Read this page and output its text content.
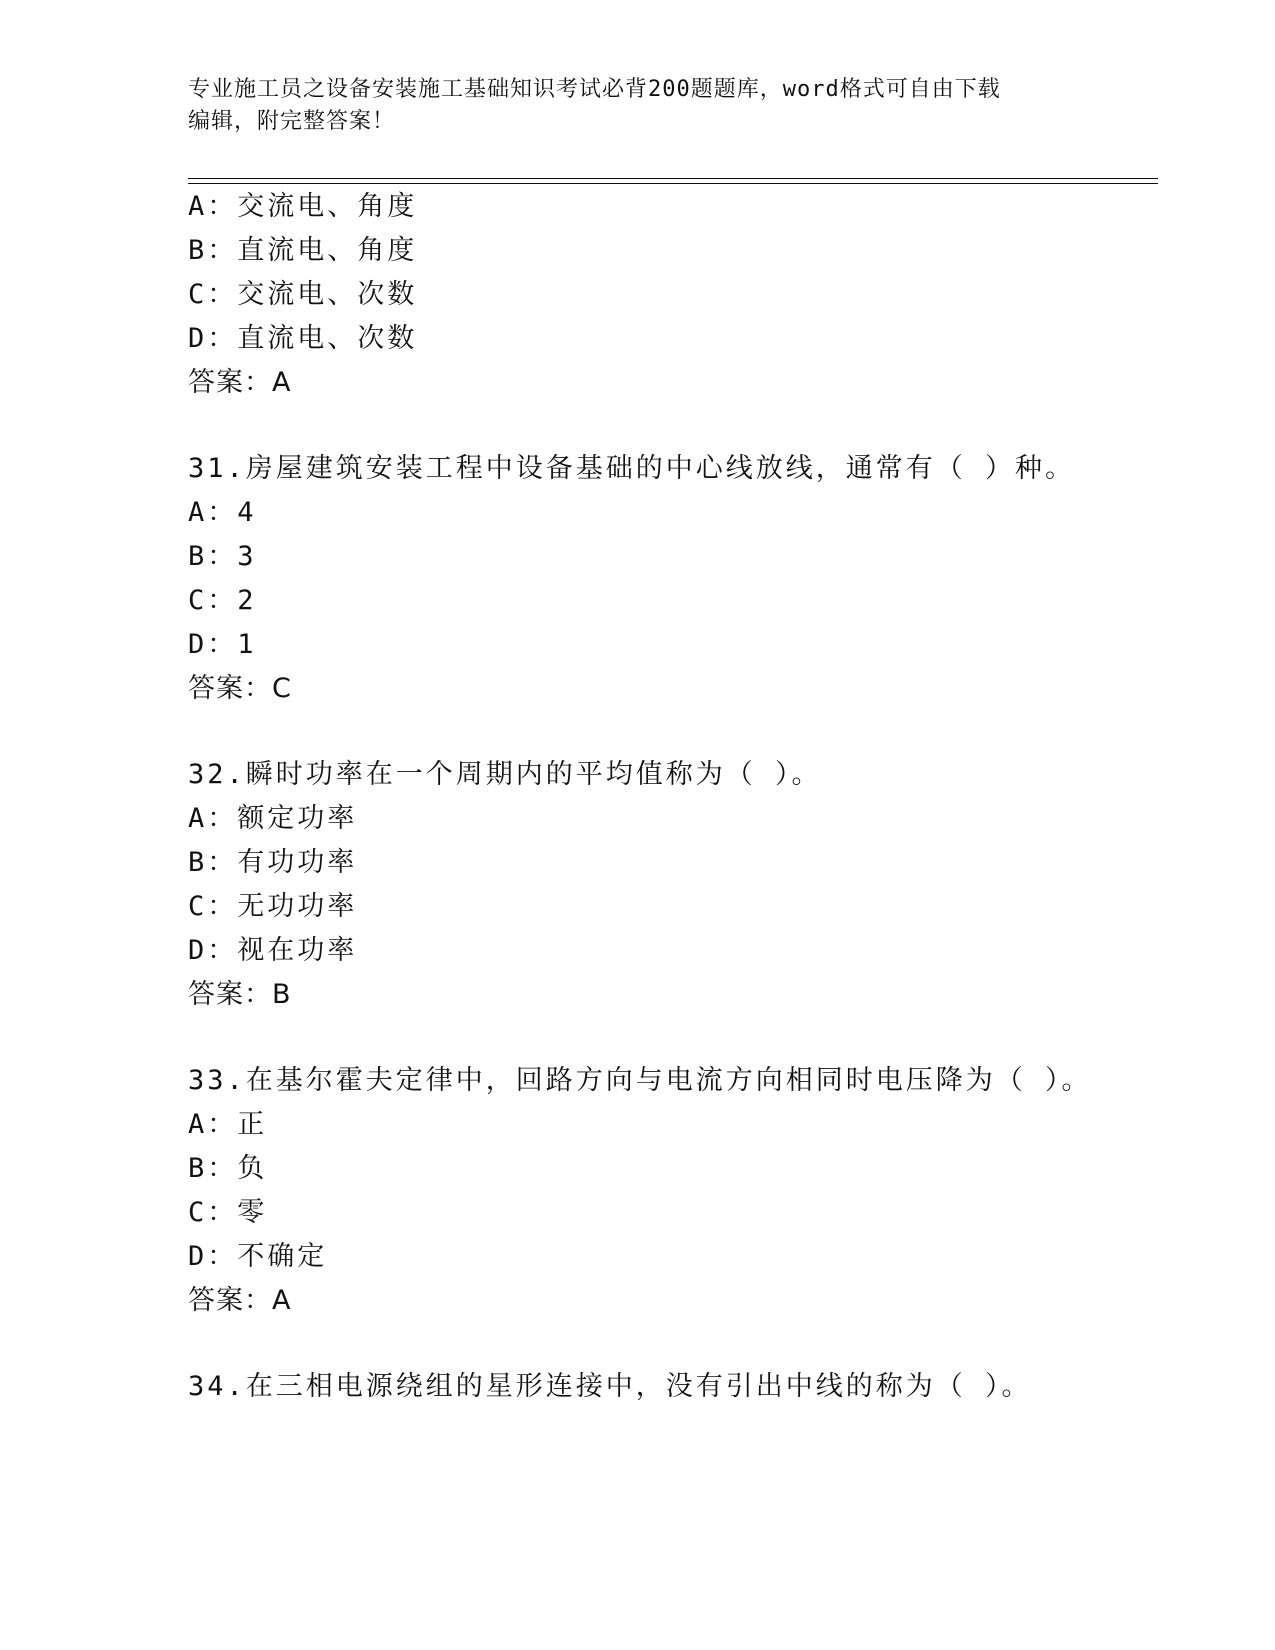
专业施工员之设备安装施工基础知识考试必背200题题库，word格式可自由下载
编辑，附完整答案！
A：交流电、角度
B：直流电、角度
C：交流电、次数
D：直流电、次数
答案：A
31.房屋建筑安装工程中设备基础的中心线放线，通常有（ ）种。
A：4
B：3
C：2
D：1
答案：C
32.瞬时功率在一个周期内的平均值称为（ ）。
A：额定功率
B：有功功率
C：无功功率
D：视在功率
答案：B
33.在基尔霍夫定律中，回路方向与电流方向相同时电压降为（ ）。
A：正
B：负
C：零
D：不确定
答案：A
34.在三相电源绕组的星形连接中，没有引出中线的称为（ ）。
